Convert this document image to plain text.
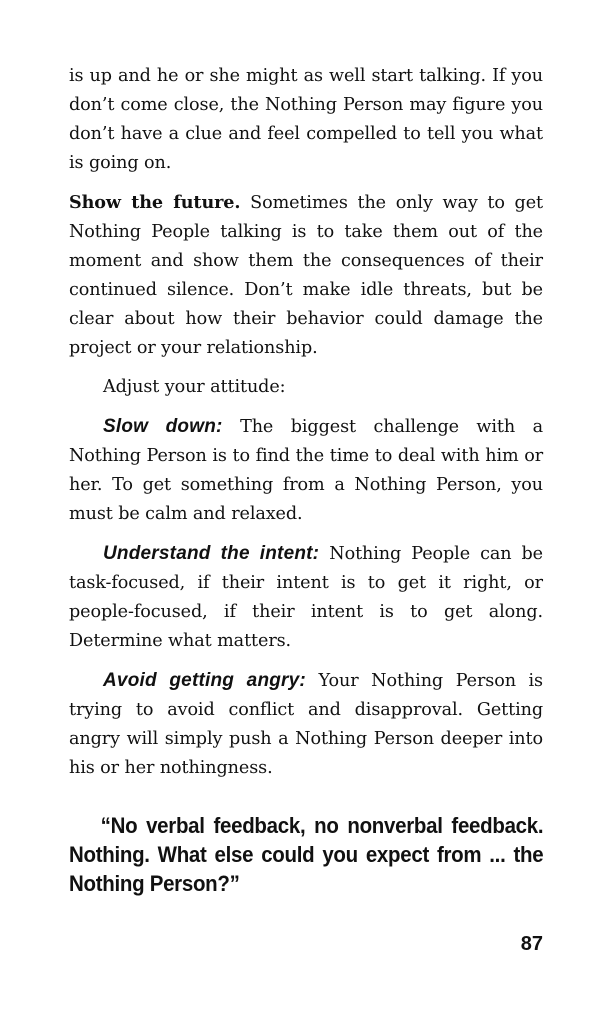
is up and he or she might as well start talking. If you don’t come close, the Nothing Person may figure you don’t have a clue and feel compelled to tell you what is going on.

Show the future. Sometimes the only way to get Nothing People talking is to take them out of the moment and show them the consequences of their continued silence. Don’t make idle threats, but be clear about how their behavior could damage the project or your relationship.

Adjust your attitude:

Slow down: The biggest challenge with a Nothing Person is to find the time to deal with him or her. To get something from a Nothing Person, you must be calm and relaxed.

Understand the intent: Nothing People can be task-focused, if their intent is to get it right, or people-focused, if their intent is to get along. Determine what matters.

Avoid getting angry: Your Nothing Person is trying to avoid conflict and disapproval. Getting angry will simply push a Nothing Person deeper into his or her nothingness.

“No verbal feedback, no nonverbal feedback. Nothing. What else could you expect from ... the Nothing Person?”

87
